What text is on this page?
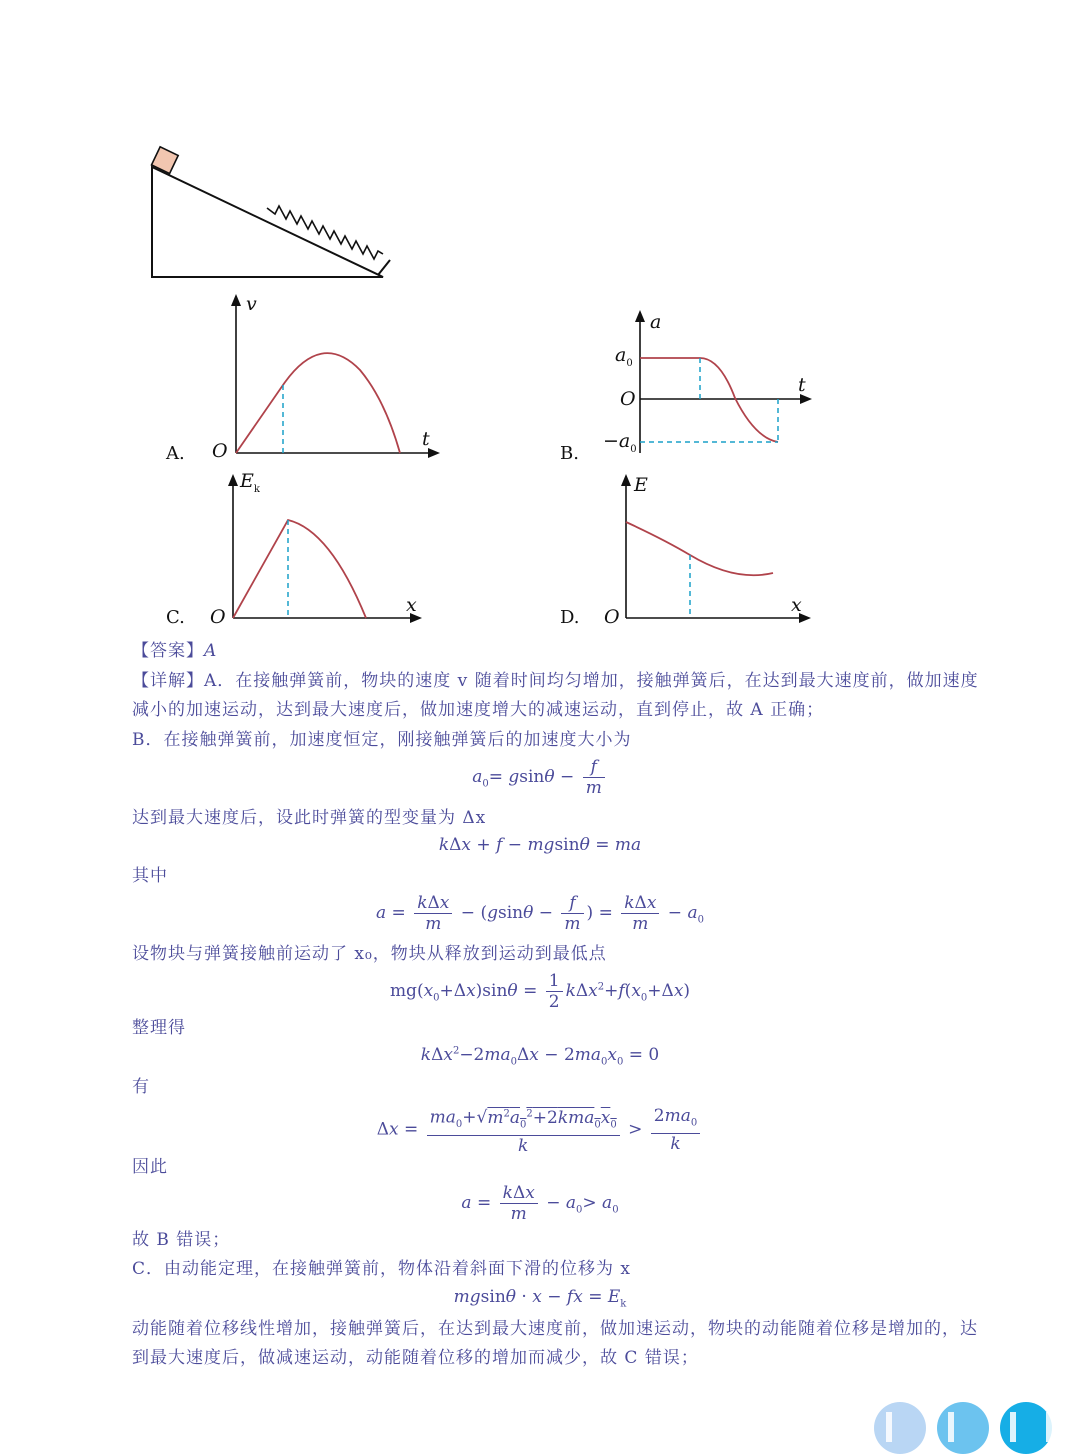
A. O
v
t
B.
a
t
O
$a_0$
$-a_0$
C. O
$E_k$
x
D. O
E
x
【答案】A
【详解】A．在接触弹簧前，物块的速度 v 随着时间均匀增加，接触弹簧后，在达到最大速度前，做加速度减小的加速运动，达到最大速度后，做加速度增大的减速运动，直到停止，故 A 正确；
B．在接触弹簧前，加速度恒定，刚接触弹簧后的加速度大小为
$a_0= gsin\theta - \frac{f}{m}$
达到最大速度后，设此时弹簧的型变量为 Δx
kΔx + f − mgsinθ = ma
其中
$a = \frac{\text{kΔx}}{m} - (gsin\theta - \frac{f}{m}$ ) = $\frac{\text{kΔx}}{m} - a_0$
设物块与弹簧接触前运动了 x₀，物块从释放到运动到最低点
$mg(x_0+\Delta x)\sin\theta = \frac{1}{2} k\Delta x^2+f(x_0+\Delta x)$
整理得
$k\Delta x^2-2ma_0\Delta x - 2ma_0x_0 = 0$
有
$\Delta x = \frac{ma_0+√m^2a_0^2+2kma_0x_0}{k} > \frac{2ma_0}{k}$
因此
$a = \frac{\text{kΔx}}{m} - a_0> a_0$
故 B 错误；
C．由动能定理，在接触弹簧前，物体沿着斜面下滑的位移为 x
mgsinθ · x − fx = $E_k$
动能随着位移线性增加，接触弹簧后，在达到最大速度前，做加速运动，物块的动能随着位移是增加的，达到最大速度后，做减速运动，动能随着位移的增加而减少，故 C 错误；
